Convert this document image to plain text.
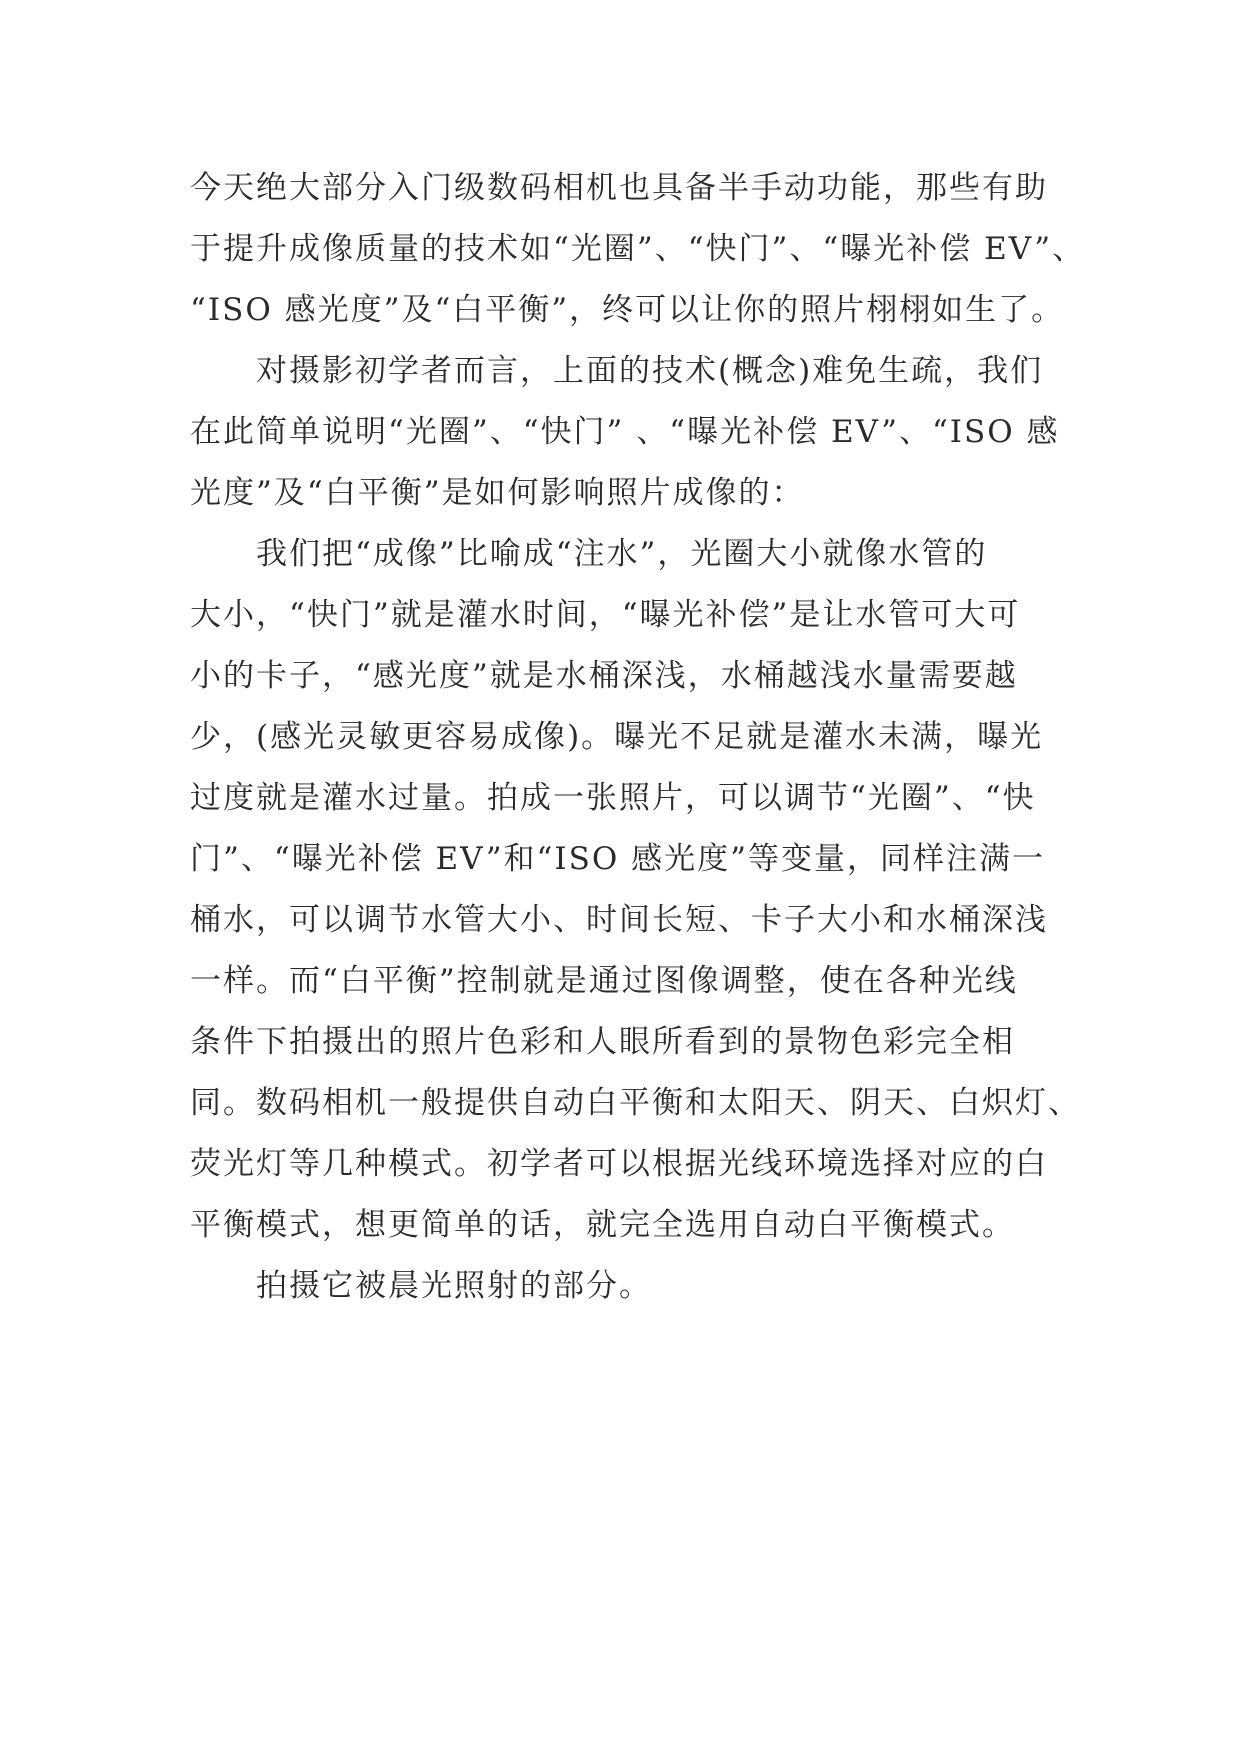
今天绝大部分入门级数码相机也具备半手动功能，那些有助
于提升成像质量的技术如“光圈”、“快门”、“曝光补偿 EV”、
“ISO 感光度”及“白平衡”，终可以让你的照片栩栩如生了。
对摄影初学者而言，上面的技术(概念)难免生疏，我们
在此简单说明“光圈”、“快门” 、“曝光补偿 EV”、“ISO 感
光度”及“白平衡”是如何影响照片成像的：
我们把“成像”比喻成“注水”，光圈大小就像水管的
大小，“快门”就是灌水时间，“曝光补偿”是让水管可大可
小的卡子，“感光度”就是水桶深浅，水桶越浅水量需要越
少，(感光灵敏更容易成像)。曝光不足就是灌水未满，曝光
过度就是灌水过量。拍成一张照片，可以调节“光圈”、“快
门”、“曝光补偿 EV”和“ISO 感光度”等变量，同样注满一
桶水，可以调节水管大小、时间长短、卡子大小和水桶深浅
一样。而“白平衡”控制就是通过图像调整，使在各种光线
条件下拍摄出的照片色彩和人眼所看到的景物色彩完全相
同。数码相机一般提供自动白平衡和太阳天、阴天、白炽灯、
荧光灯等几种模式。初学者可以根据光线环境选择对应的白
平衡模式，想更简单的话，就完全选用自动白平衡模式。
拍摄它被晨光照射的部分。
